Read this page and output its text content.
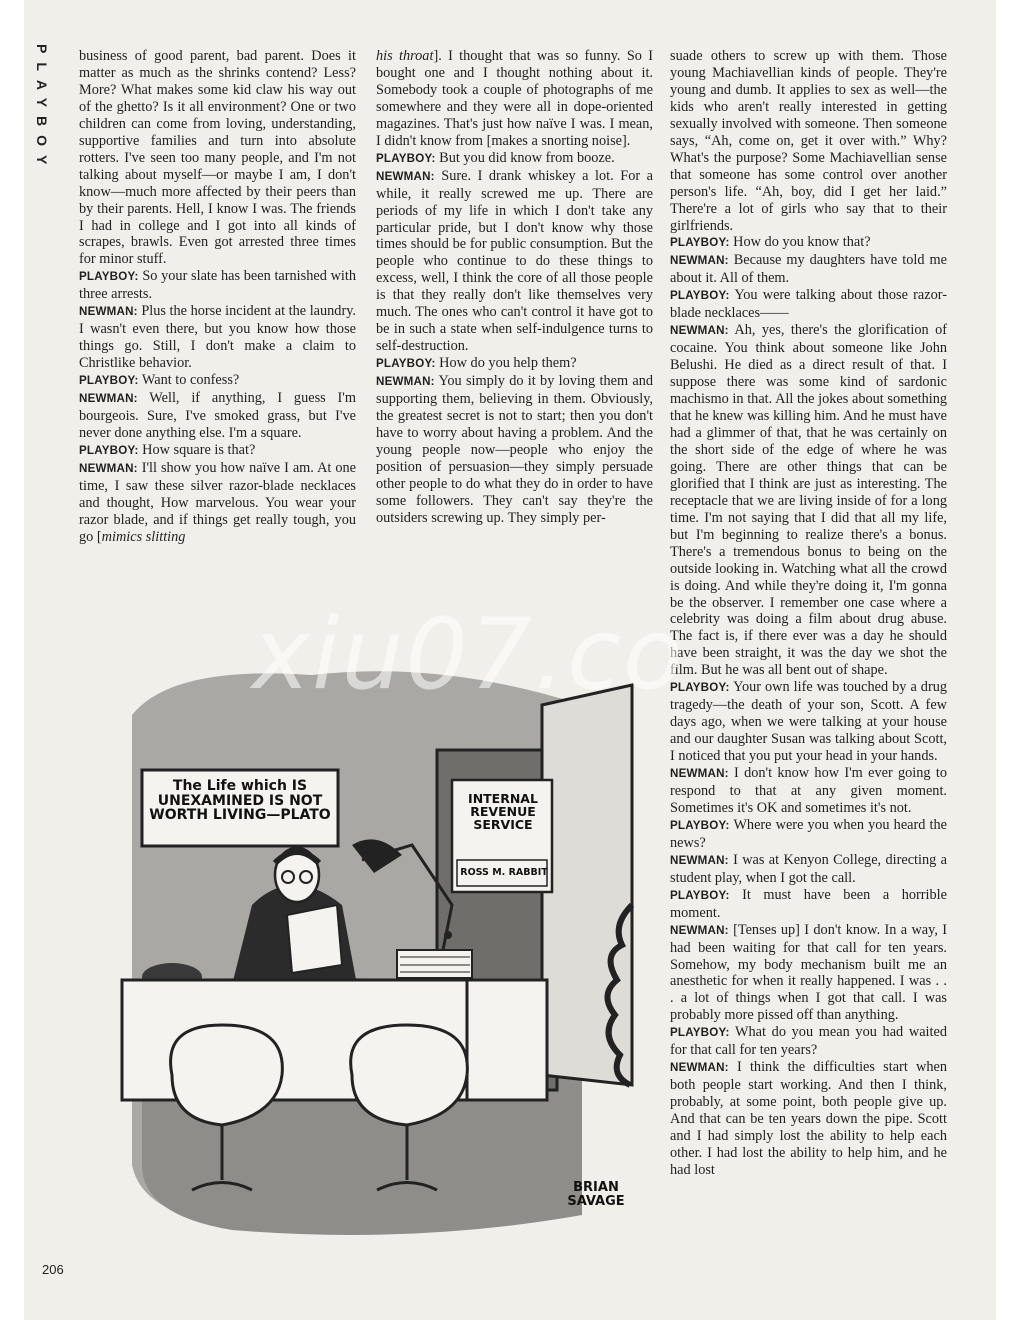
PLAYBOY business of good parent, bad parent. Does it matter as much as the shrinks contend? Less? More? What makes some kid claw his way out of the ghetto? Is it all environment? One or two children can come from loving, understanding, supportive families and turn into absolute rotters. I've seen too many people, and I'm not talking about myself—or maybe I am, I don't know—much more affected by their peers than by their parents. Hell, I know I was. The friends I had in college and I got into all kinds of scrapes, brawls. Even got arrested three times for minor stuff.

PLAYBOY: So your slate has been tarnished with three arrests.

NEWMAN: Plus the horse incident at the laundry. I wasn't even there, but you know how those things go. Still, I don't make a claim to Christlike behavior.

PLAYBOY: Want to confess?

NEWMAN: Well, if anything, I guess I'm bourgeois. Sure, I've smoked grass, but I've never done anything else. I'm a square.

PLAYBOY: How square is that?

NEWMAN: I'll show you how naïve I am. At one time, I saw these silver razor-blade necklaces and thought, How marvelous. You wear your razor blade, and if things get really tough, you go [mimics slitting

his throat]. I thought that was so funny. So I bought one and I thought nothing about it. Somebody took a couple of photographs of me somewhere and they were all in dope-oriented magazines. That's just how naïve I was. I mean, I didn't know from [makes a snorting noise].

PLAYBOY: But you did know from booze.

NEWMAN: Sure. I drank whiskey a lot. For a while, it really screwed me up. There are periods of my life in which I don't take any particular pride, but I don't know why those times should be for public consumption. But the people who continue to do these things to excess, well, I think the core of all those people is that they really don't like themselves very much. The ones who can't control it have got to be in such a state when self-indulgence turns to self-destruction.

PLAYBOY: How do you help them?

NEWMAN: You simply do it by loving them and supporting them, believing in them. Obviously, the greatest secret is not to start; then you don't have to worry about having a problem. And the young people now—people who enjoy the position of persuasion—they simply persuade other people to do what they do in order to have some followers. They can't say they're the outsiders screwing up. They simply per-

suade others to screw up with them. Those young Machiavellian kinds of people. They're young and dumb. It applies to sex as well—the kids who aren't really interested in getting sexually involved with someone. Then someone says, “Ah, come on, get it over with.” Why? What's the purpose? Some Machiavellian sense that someone has some control over another person's life. “Ah, boy, did I get her laid.” There're a lot of girls who say that to their girlfriends.

PLAYBOY: How do you know that?

NEWMAN: Because my daughters have told me about it. All of them.

PLAYBOY: You were talking about those razor-blade necklaces——

NEWMAN: Ah, yes, there's the glorification of cocaine. You think about someone like John Belushi. He died as a direct result of that. I suppose there was some kind of sardonic machismo in that. All the jokes about something that he knew was killing him. And he must have had a glimmer of that, that he was certainly on the short side of the edge of where he was going. There are other things that can be glorified that I think are just as interesting. The receptacle that we are living inside of for a long time. I'm not saying that I did that all my life, but I'm beginning to realize there's a bonus. There's a tremendous bonus to being on the outside looking in. Watching what all the crowd is doing. And while they're doing it, I'm gonna be the observer. I remember one case where a celebrity was doing a film about drug abuse. The fact is, if there ever was a day he should have been straight, it was the day we shot the film. But he was all bent out of shape.

PLAYBOY: Your own life was touched by a drug tragedy—the death of your son, Scott. A few days ago, when we were talking at your house and our daughter Susan was talking about Scott, I noticed that you put your head in your hands.

NEWMAN: I don't know how I'm ever going to respond to that at any given moment. Sometimes it's OK and sometimes it's not.

PLAYBOY: Where were you when you heard the news?

NEWMAN: I was at Kenyon College, directing a student play, when I got the call.

PLAYBOY: It must have been a horrible moment.

NEWMAN: [Tenses up] I don't know. In a way, I had been waiting for that call for ten years. Somehow, my body mechanism built me an anesthetic for when it really happened. I was . . . a lot of things when I got that call. I was probably more pissed off than anything.

PLAYBOY: What do you mean you had waited for that call for ten years?

NEWMAN: I think the difficulties start when both people start working. And then I think, probably, at some point, both people give up. And that can be ten years down the pipe. Scott and I had simply lost the ability to help each other. I had lost the ability to help him, and he had lost

The Life which IS UNEXAMINED IS NOT WORTH LIVING—PLATO
INTERNAL REVENUE SERVICE
ROSS M. RABBIT
BRIAN SAVAGE
xiu07.co
206
